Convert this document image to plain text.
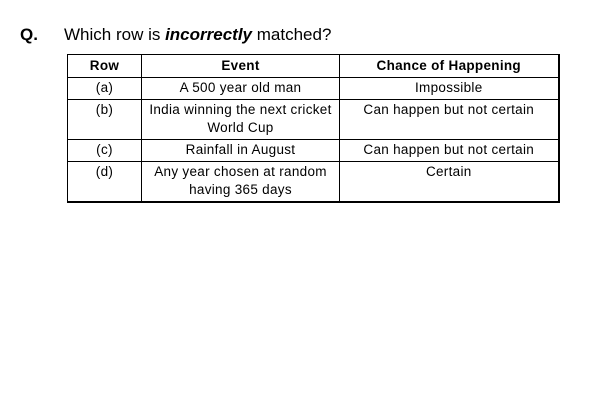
Q. Which row is incorrectly matched?
Row	Event	Chance of Happening
(a)	A 500 year old man	Impossible
(b)	India winning the next cricket World Cup	Can happen but not certain
(c)	Rainfall in August	Can happen but not certain
(d)	Any year chosen at random having 365 days	Certain
